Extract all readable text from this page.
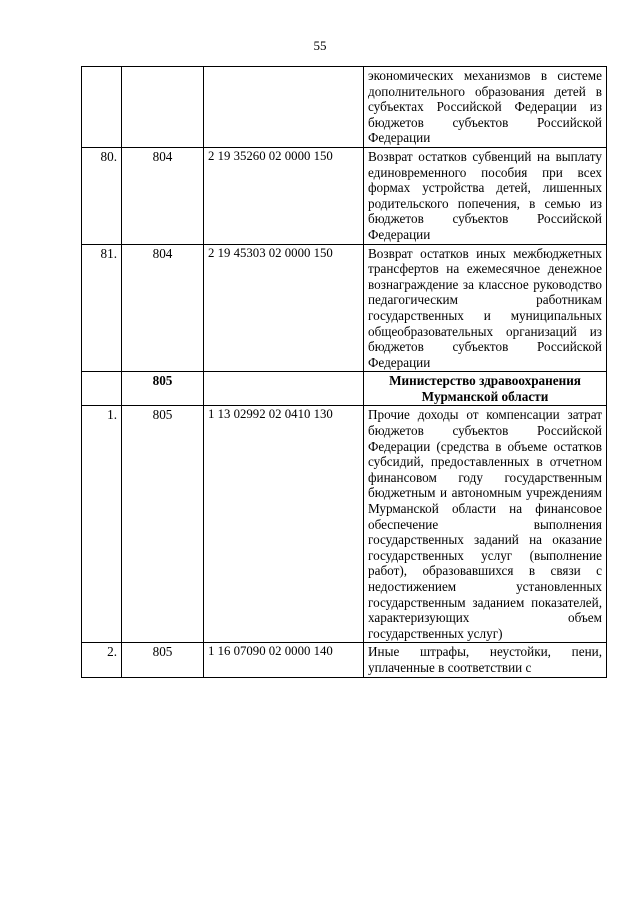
55
			экономических механизмов в системе дополнительного образования детей в субъектах Российской Федерации из бюджетов субъектов Российской Федерации
80.	804	2 19 35260 02 0000 150	Возврат остатков субвенций на выплату единовременного пособия при всех формах устройства детей, лишенных родительского попечения, в семью из бюджетов субъектов Российской Федерации
81.	804	2 19 45303 02 0000 150	Возврат остатков иных межбюджетных трансфертов на ежемесячное денежное вознаграждение за классное руководство педагогическим работникам государственных и муниципальных общеобразовательных организаций из бюджетов субъектов Российской Федерации
	805		Министерство здравоохранения Мурманской области
1.	805	1 13 02992 02 0410 130	Прочие доходы от компенсации затрат бюджетов субъектов Российской Федерации (средства в объеме остатков субсидий, предоставленных в отчетном финансовом году государственным бюджетным и автономным учреждениям Мурманской области на финансовое обеспечение выполнения государственных заданий на оказание государственных услуг (выполнение работ), образовавшихся в связи с недостижением установленных государственным заданием показателей, характеризующих объем государственных услуг)
2.	805	1 16 07090 02 0000 140	Иные штрафы, неустойки, пени, уплаченные в соответствии с
